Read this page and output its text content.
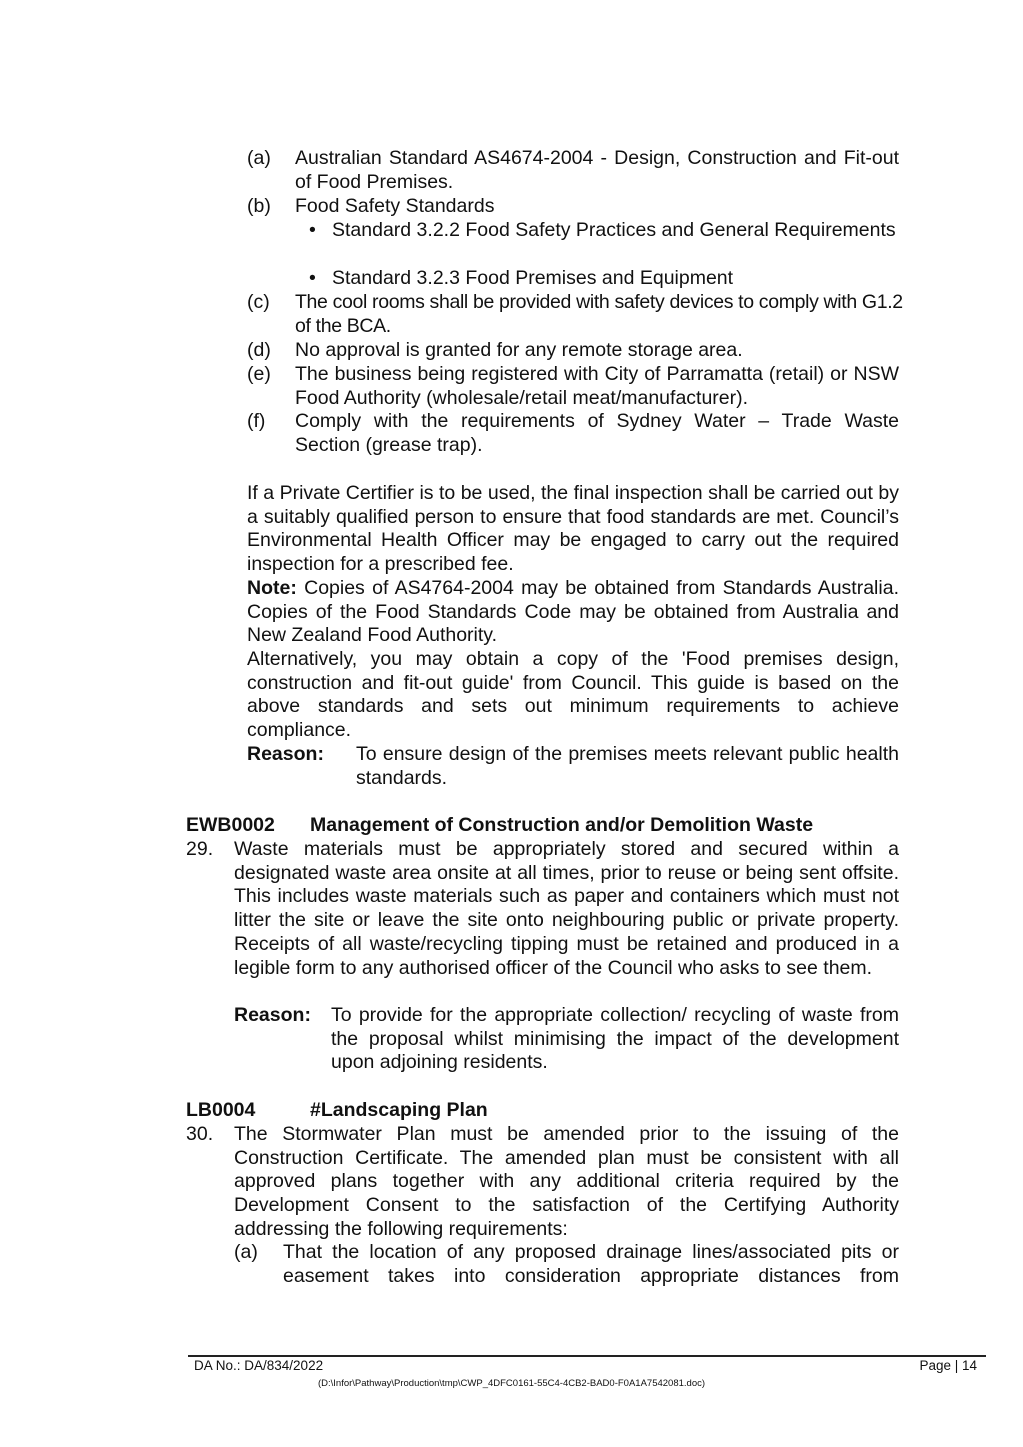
(a) Australian Standard AS4674-2004 - Design, Construction and Fit-out of Food Premises.
(b) Food Safety Standards
• Standard 3.2.2 Food Safety Practices and General Requirements
• Standard 3.2.3 Food Premises and Equipment
(c) The cool rooms shall be provided with safety devices to comply with G1.2 of the BCA.
(d) No approval is granted for any remote storage area.
(e) The business being registered with City of Parramatta (retail) or NSW Food Authority (wholesale/retail meat/manufacturer).
(f) Comply with the requirements of Sydney Water – Trade Waste Section (grease trap).
If a Private Certifier is to be used, the final inspection shall be carried out by a suitably qualified person to ensure that food standards are met. Council’s Environmental Health Officer may be engaged to carry out the required inspection for a prescribed fee.
Note: Copies of AS4764-2004 may be obtained from Standards Australia. Copies of the Food Standards Code may be obtained from Australia and New Zealand Food Authority.
Alternatively, you may obtain a copy of the 'Food premises design, construction and fit-out guide' from Council. This guide is based on the above standards and sets out minimum requirements to achieve compliance.
Reason: To ensure design of the premises meets relevant public health standards.
EWB0002 Management of Construction and/or Demolition Waste
29. Waste materials must be appropriately stored and secured within a designated waste area onsite at all times, prior to reuse or being sent offsite. This includes waste materials such as paper and containers which must not litter the site or leave the site onto neighbouring public or private property. Receipts of all waste/recycling tipping must be retained and produced in a legible form to any authorised officer of the Council who asks to see them.
Reason: To provide for the appropriate collection/ recycling of waste from the proposal whilst minimising the impact of the development upon adjoining residents.
LB0004	#Landscaping Plan
30. The Stormwater Plan must be amended prior to the issuing of the Construction Certificate. The amended plan must be consistent with all approved plans together with any additional criteria required by the Development Consent to the satisfaction of the Certifying Authority addressing the following requirements:
(a) That the location of any proposed drainage lines/associated pits or easement takes into consideration appropriate distances from
DA No.: DA/834/2022	Page | 14
(D:\Infor\Pathway\Production\tmp\CWP_4DFC0161-55C4-4CB2-BAD0-F0A1A7542081.doc)
